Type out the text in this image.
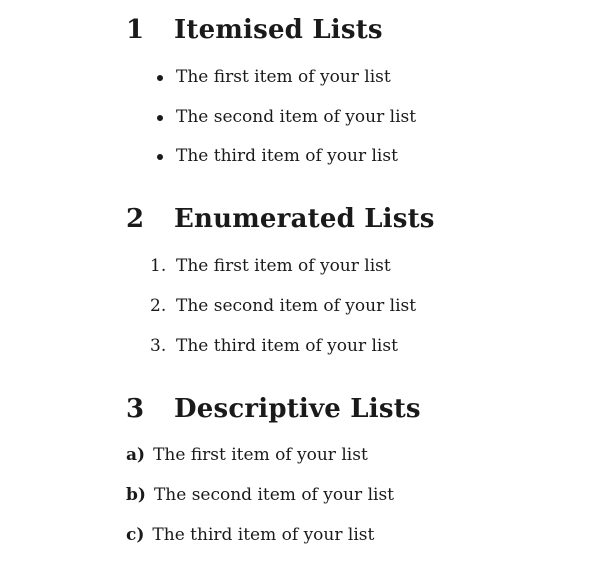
1 Itemised Lists
The first item of your list
The second item of your list
The third item of your list
2 Enumerated Lists
1. The first item of your list
2. The second item of your list
3. The third item of your list
3 Descriptive Lists
a) The first item of your list
b) The second item of your list
c) The third item of your list
